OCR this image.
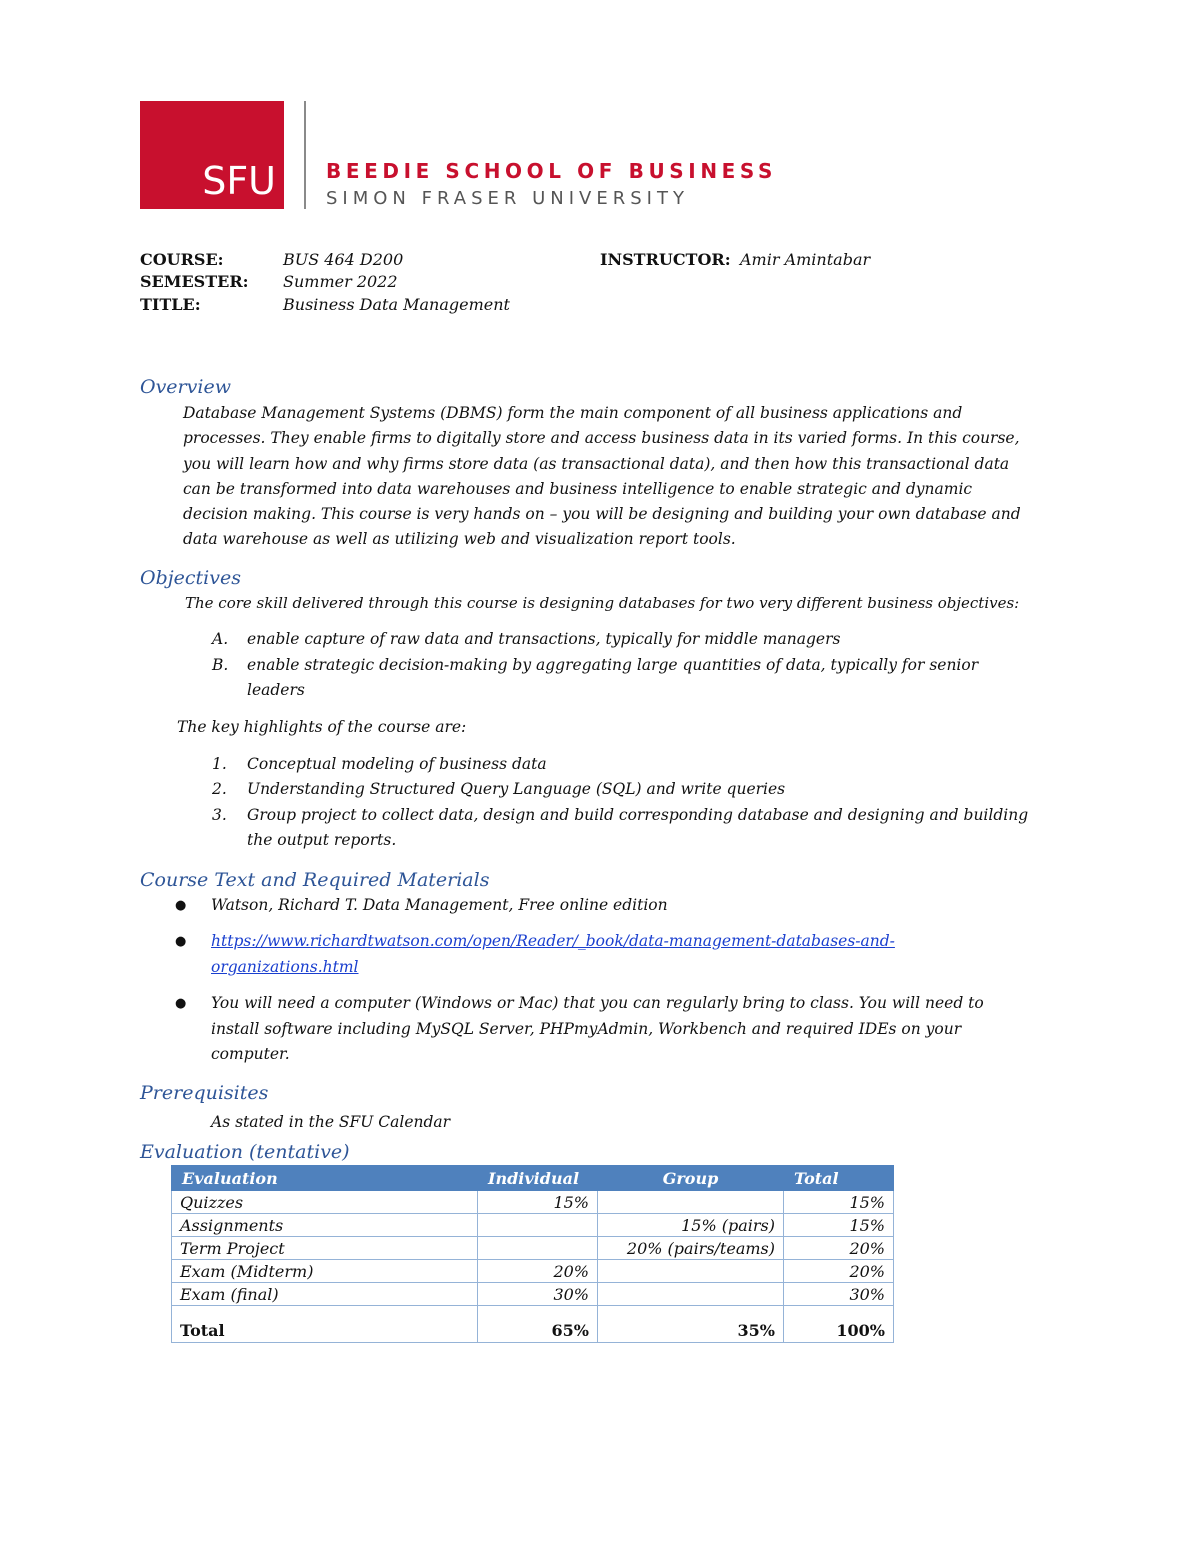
SFU	BEEDIE SCHOOL OF BUSINESS
SIMON FRASER UNIVERSITY
COURSE:	BUS 464 D200
SEMESTER: Summer 2022
TITLE:	Business Data Management
INSTRUCTOR: Amir Amintabar
Overview
Database Management Systems (DBMS) form the main component of all business applications and
processes. They enable firms to digitally store and access business data in its varied forms. In this course,
you will learn how and why firms store data (as transactional data), and then how this transactional data
can be transformed into data warehouses and business intelligence to enable strategic and dynamic
decision making. This course is very hands on – you will be designing and building your own database and
data warehouse as well as utilizing web and visualization report tools.
Objectives
The core skill delivered through this course is designing databases for two very different business objectives:
A. enable capture of raw data and transactions, typically for middle managers
B. enable strategic decision-making by aggregating large quantities of data, typically for senior
leaders
The key highlights of the course are:
1. Conceptual modeling of business data
2. Understanding Structured Query Language (SQL) and write queries
3. Group project to collect data, design and build corresponding database and designing and building
the output reports.
Course Text and Required Materials
● Watson, Richard T. Data Management, Free online edition
● https://www.richardtwatson.com/open/Reader/_book/data-management-databases-and-
organizations.html
● You will need a computer (Windows or Mac) that you can regularly bring to class. You will need to
install software including MySQL Server, PHPmyAdmin, Workbench and required IDEs on your
computer.
Prerequisites
As stated in the SFU Calendar
Evaluation (tentative)
Evaluation	Individual	Group	Total
Quizzes	15%		15%
Assignments		15% (pairs)	15%
Term Project		20% (pairs/teams)	20%
Exam (Midterm)	20%		20%
Exam (final)	30%		30%
Total	65%	35%	100%
